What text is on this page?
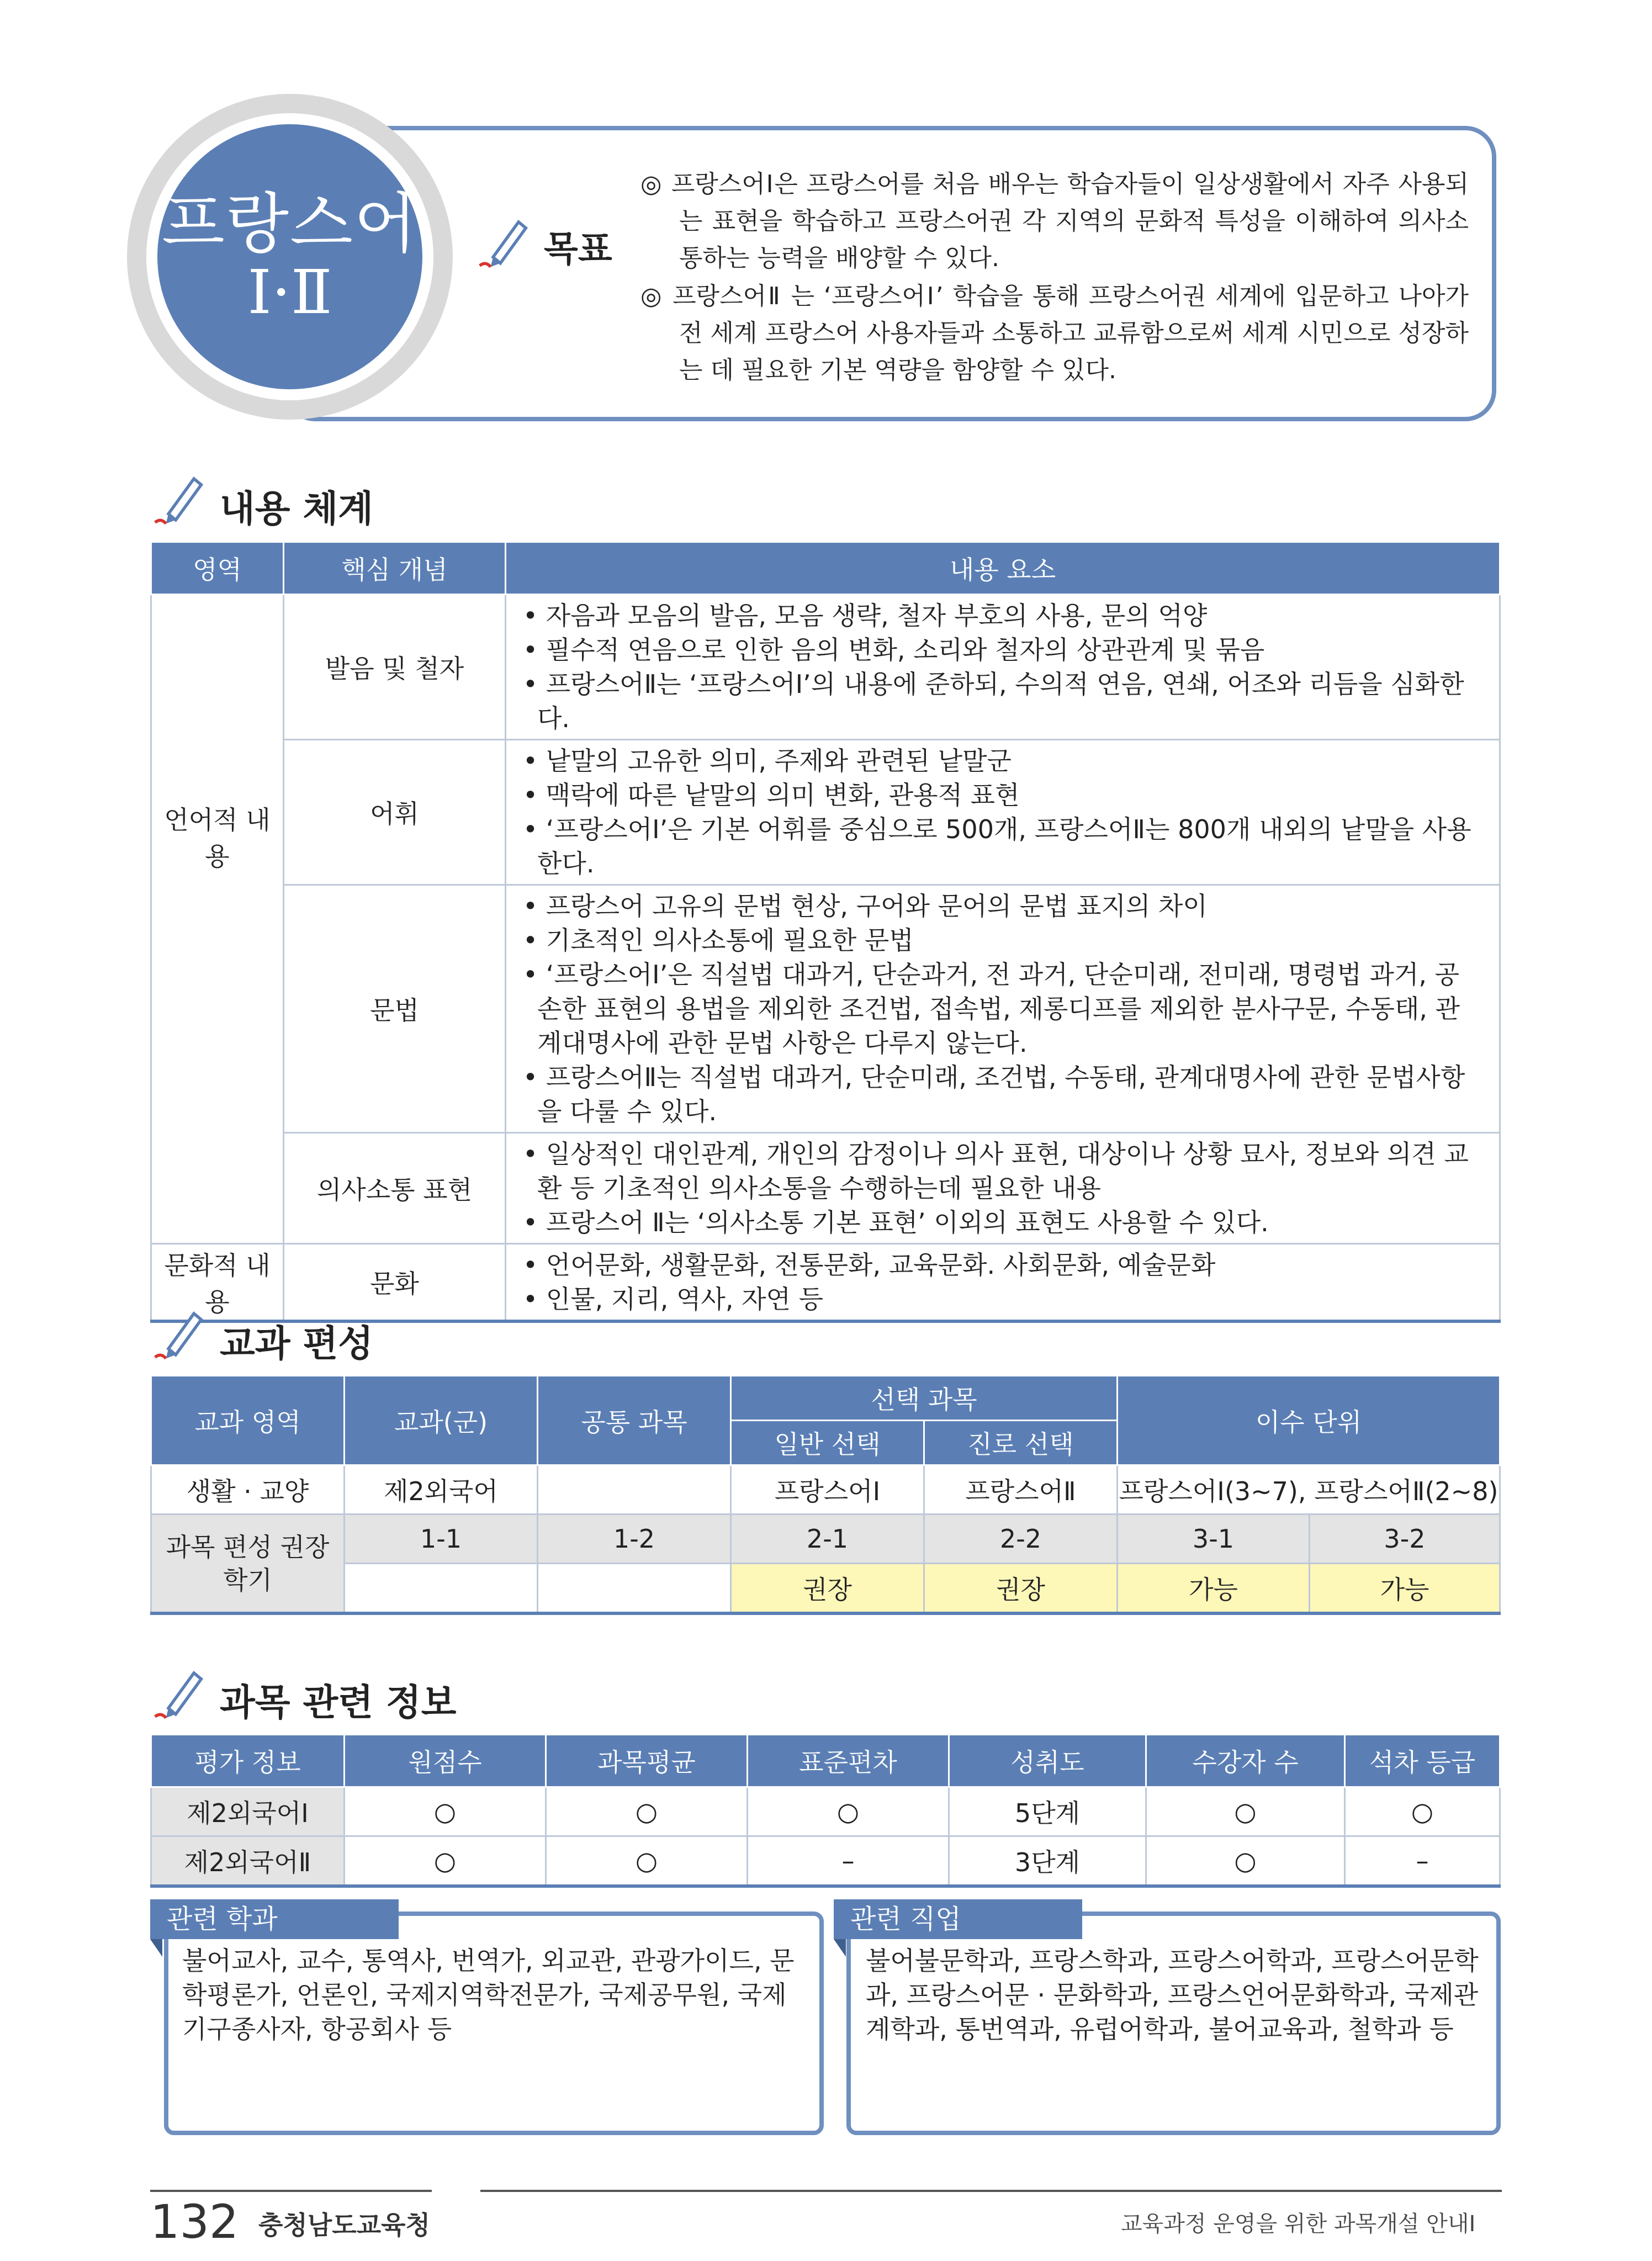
프랑스어
Ⅰ·Ⅱ
목표

◎ 프랑스어Ⅰ은 프랑스어를 처음 배우는 학습자들이 일상생활에서 자주 사용되는 표현을 학습하고 프랑스어권 각 지역의 문화적 특성을 이해하여 의사소통하는 능력을 배양할 수 있다.

◎ 프랑스어Ⅱ 는 ‘프랑스어Ⅰ’ 학습을 통해 프랑스어권 세계에 입문하고 나아가 전 세계 프랑스어 사용자들과 소통하고 교류함으로써 세계 시민으로 성장하는 데 필요한 기본 역량을 함양할 수 있다.

내용 체계
영역	핵심 개념	내용 요소
언어적 내용	발음 및 철자	• 자음과 모음의 발음, 모음 생략, 철자 부호의 사용, 문의 억양
• 필수적 연음으로 인한 음의 변화, 소리와 철자의 상관관계 및 묶음
• 프랑스어Ⅱ는 ‘프랑스어Ⅰ’의 내용에 준하되, 수의적 연음, 연쇄, 어조와 리듬을 심화한다.

	어휘	• 낱말의 고유한 의미, 주제와 관련된 낱말군
• 맥락에 따른 낱말의 의미 변화, 관용적 표현
• ‘프랑스어Ⅰ’은 기본 어휘를 중심으로 500개, 프랑스어Ⅱ는 800개 내외의 낱말을 사용한다.

	문법	• 프랑스어 고유의 문법 현상, 구어와 문어의 문법 표지의 차이
• 기초적인 의사소통에 필요한 문법
• ‘프랑스어Ⅰ’은 직설법 대과거, 단순과거, 전 과거, 단순미래, 전미래, 명령법 과거, 공손한 표현의 용법을 제외한 조건법, 접속법, 제롱디프를 제외한 분사구문, 수동태, 관계대명사에 관한 문법 사항은 다루지 않는다.
• 프랑스어Ⅱ는 직설법 대과거, 단순미래, 조건법, 수동태, 관계대명사에 관한 문법사항을 다룰 수 있다.

	의사소통 표현	• 일상적인 대인관계, 개인의 감정이나 의사 표현, 대상이나 상황 묘사, 정보와 의견 교환 등 기초적인 의사소통을 수행하는데 필요한 내용
• 프랑스어 Ⅱ는 ‘의사소통 기본 표현’ 이외의 표현도 사용할 수 있다.

문화적 내용	문화	• 언어문화, 생활문화, 전통문화, 교육문화. 사회문화, 예술문화
• 인물, 지리, 역사, 자연 등
교과 편성
교과 영역	교과(군)	공통 과목	선택 과목		이수 단위	
			일반 선택	진로 선택		
생활 · 교양	제2외국어		프랑스어Ⅰ	프랑스어Ⅱ	프랑스어Ⅰ(3~7), 프랑스어Ⅱ(2~8)	
과목 편성 권장 학기	1-1	1-2	2-1	2-2	3-1	3-2
			권장	권장	가능	가능
과목 관련 정보
평가 정보	원점수	과목평균	표준편차	성취도	수강자 수	석차 등급
제2외국어Ⅰ	○	○	○	5단계	○	○
제2외국어Ⅱ	○	○	–	3단계	○	–
관련 학과
불어교사, 교수, 통역사, 번역가, 외교관, 관광가이드, 문학평론가, 언론인, 국제지역학전문가, 국제공무원, 국제기구종사자, 항공회사 등
관련 직업
불어불문학과, 프랑스학과, 프랑스어학과, 프랑스어문학과, 프랑스어문 · 문화학과, 프랑스언어문화학과, 국제관계학과, 통번역과, 유럽어학과, 불어교육과, 철학과 등
132 충청남도교육청	교육과정 운영을 위한 과목개설 안내Ⅰ
